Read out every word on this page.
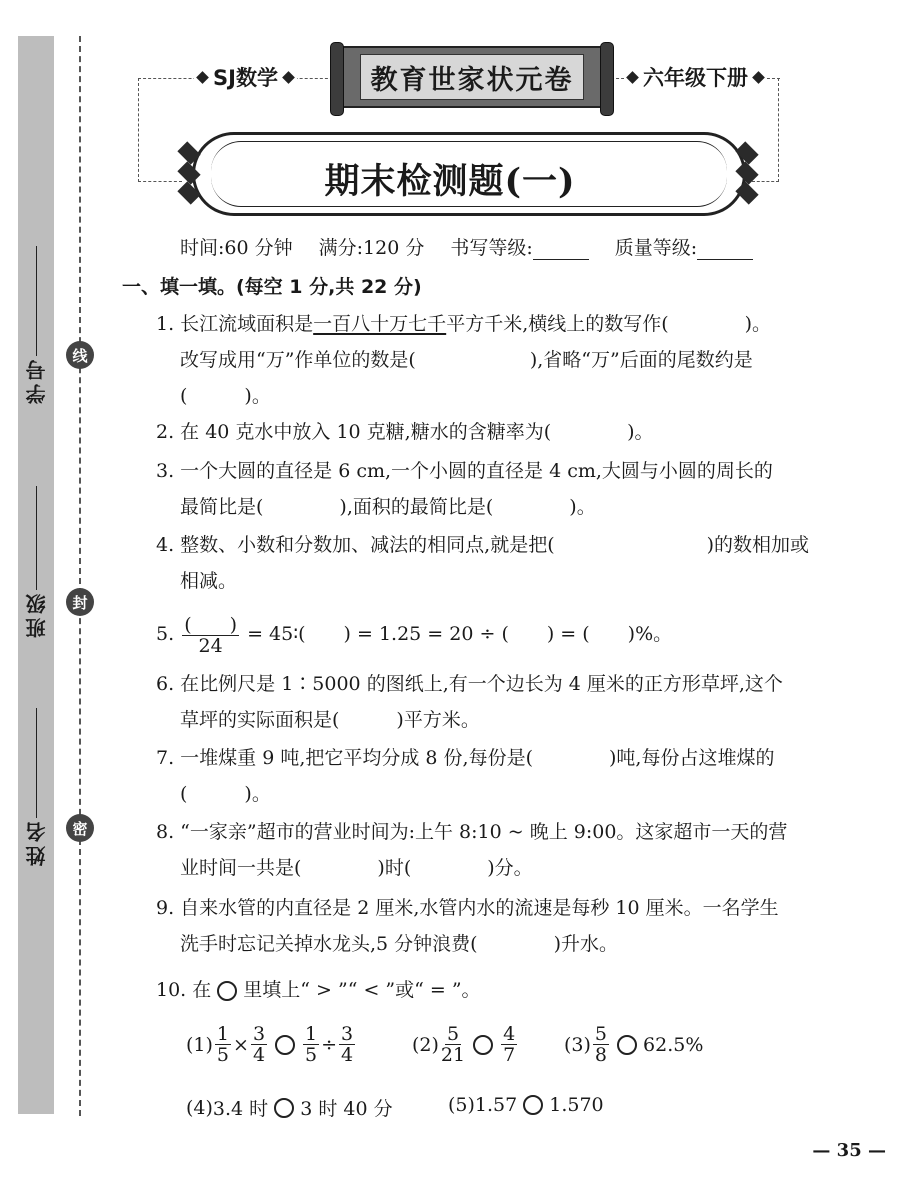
线
封
密
学号
班级
姓名
SJ数学	六年级下册
教育世家状元卷
期末检测题(一)
时间:60 分钟 满分:120 分 书写等级:	质量等级:
一、填一填。(每空 1 分,共 22 分)
1. 长江流域面积是一百八十万七千平方千米,横线上的数写作(　　　　)。
改写成用“万”作单位的数是(　　　　　　),省略“万”后面的尾数约是
(　　　)。
2. 在 40 克水中放入 10 克糖,糖水的含糖率为(　　　　)。
3. 一个大圆的直径是 6 cm,一个小圆的直径是 4 cm,大圆与小圆的周长的
最简比是(　　　　),面积的最简比是(　　　　)。
4. 整数、小数和分数加、减法的相同点,就是把(　　　　　　　　)的数相加或
相减。
5. $\frac{( )}{24}$ = 45∶(　　) = 1.25 = 20 ÷ (　　) = (　　)%。
6. 在比例尺是 1∶5000 的图纸上,有一个边长为 4 厘米的正方形草坪,这个
草坪的实际面积是(　　　)平方米。
7. 一堆煤重 9 吨,把它平均分成 8 份,每份是(　　　　)吨,每份占这堆煤的
(　　　)。
8. “一家亲”超市的营业时间为:上午 8:10 ~ 晚上 9:00。这家超市一天的营
业时间一共是(　　　　)时(　　　　)分。
9. 自来水管的内直径是 2 厘米,水管内水的流速是每秒 10 厘米。一名学生
洗手时忘记关掉水龙头,5 分钟浪费(　　　　)升水。
10. 在 里填上“ > ”“ < ”或“ = ”。
$(1) \frac{1}{5} \times \frac{3}{4} \frac{1}{5} \div \frac{3}{4}$	$(2) \frac{5}{21} \frac{4}{7} (3) \frac{5}{8} 62.5\%$
(4) 3.4 时 3 时 40 分	(5) 1.57 1.570
— 35 —
